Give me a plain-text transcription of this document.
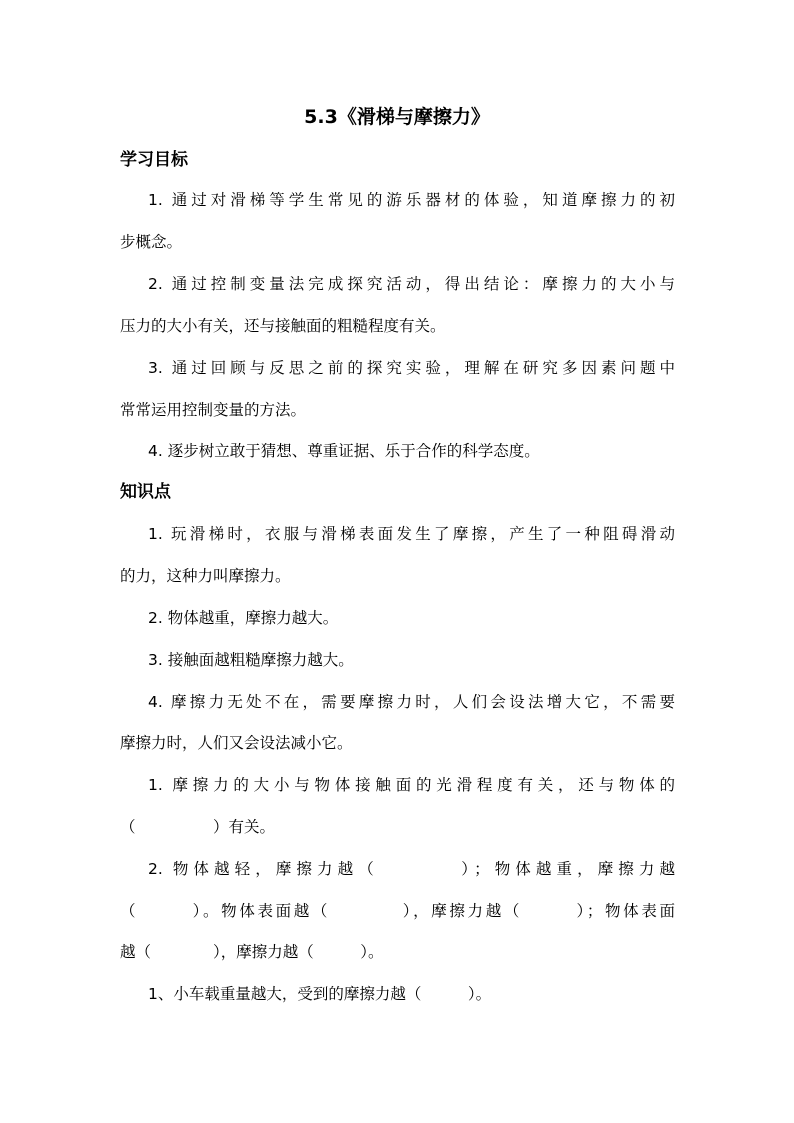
5.3《滑梯与摩擦力》
学习目标
1. 通过对滑梯等学生常见的游乐器材的体验，知道摩擦力的初
步概念。
2. 通过控制变量法完成探究活动，得出结论：摩擦力的大小与
压力的大小有关，还与接触面的粗糙程度有关。
3. 通过回顾与反思之前的探究实验，理解在研究多因素问题中
常常运用控制变量的方法。
4. 逐步树立敢于猜想、尊重证据、乐于合作的科学态度。
知识点
1. 玩滑梯时，衣服与滑梯表面发生了摩擦，产生了一种阻碍滑动
的力，这种力叫摩擦力。
2. 物体越重，摩擦力越大。
3. 接触面越粗糙摩擦力越大。
4. 摩擦力无处不在，需要摩擦力时，人们会设法增大它，不需要
摩擦力时，人们又会设法减小它。
1. 摩擦力的大小与物体接触面的光滑程度有关，还与物体的
（　　　　　）有关。
2. 物体越轻，摩擦力越（　　　　）；物体越重，摩擦力越
（　　　）。物体表面越（　　　　），摩擦力越（　　　）；物体表面
越（　　　　），摩擦力越（　　　）。
1、小车载重量越大，受到的摩擦力越（　　　）。
